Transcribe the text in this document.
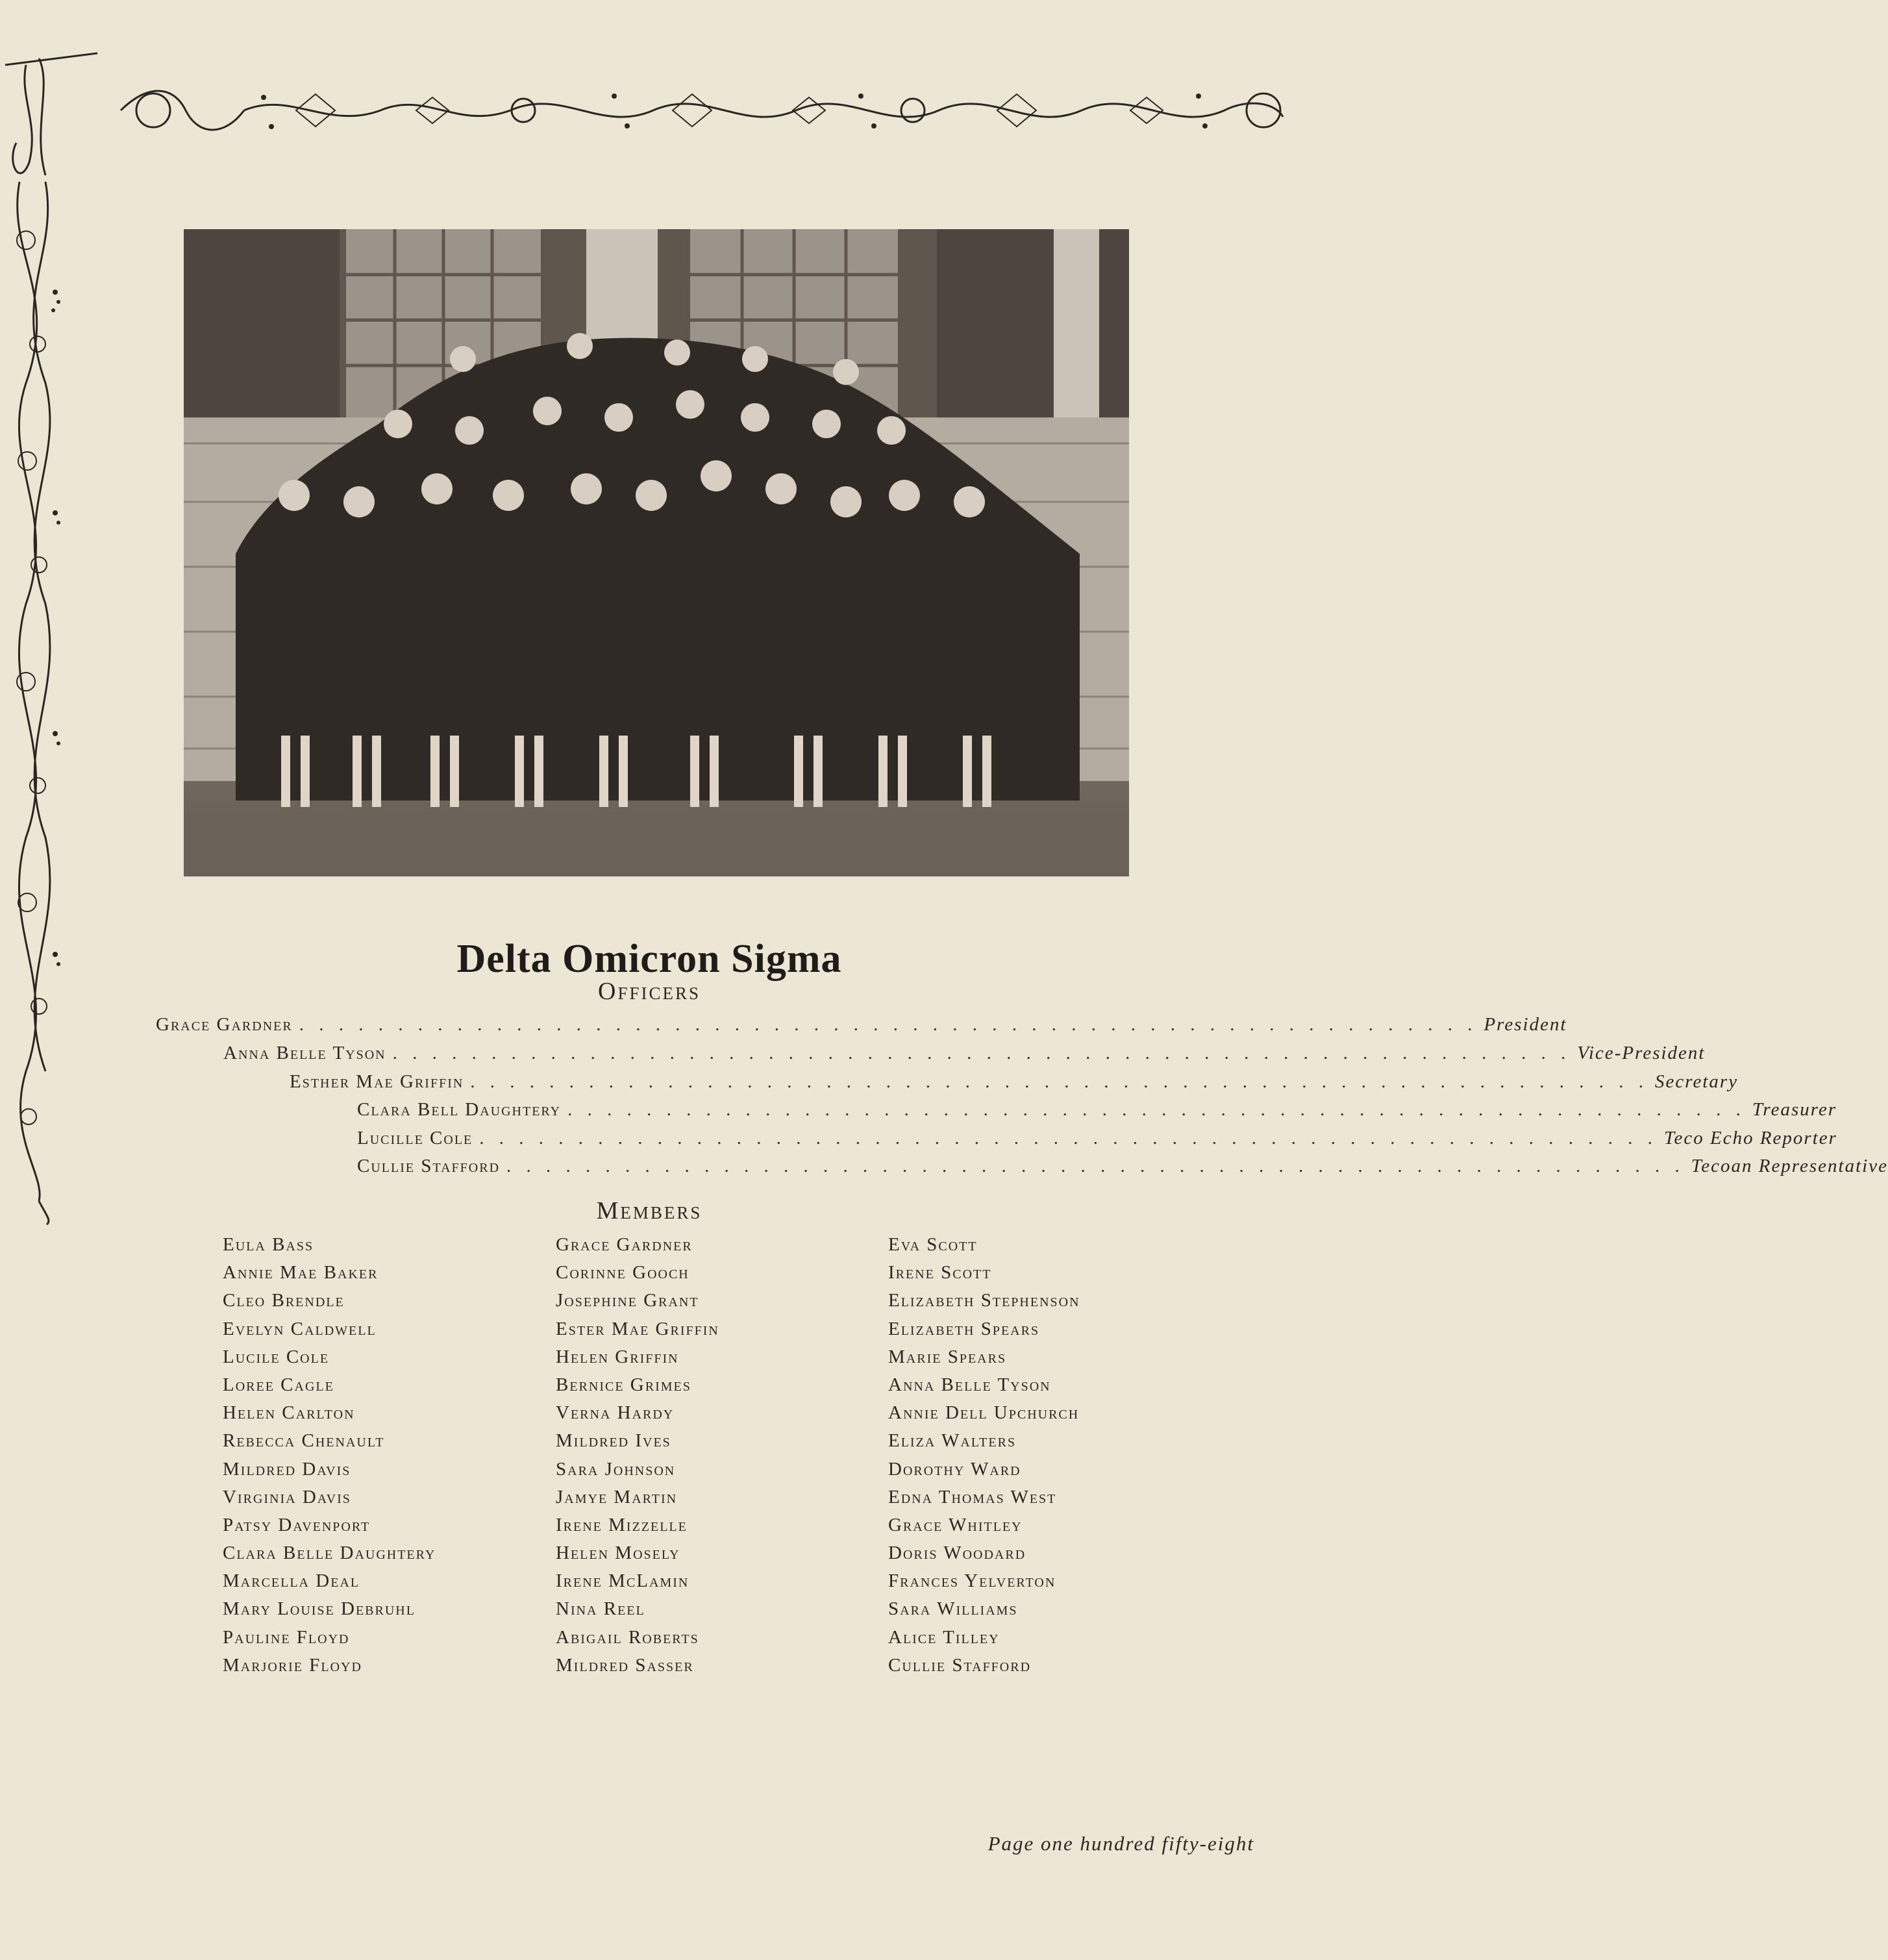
Delta Omicron Sigma
Officers
Grace Gardner . . . . . . . . . . . . . . . . . . . . . . . . . . . . . . . . . . . . . . . . . . . . . . . . . . . . . . . . . . . . President
Anna Belle Tyson . . . . . . . . . . . . . . . . . . . . . . . . . . . . . . . . . . . . . . . . . . . . . . . . . . . . . . . . . . . . Vice-President
Esther Mae Griffin . . . . . . . . . . . . . . . . . . . . . . . . . . . . . . . . . . . . . . . . . . . . . . . . . . . . . . . . . . . . Secretary
Clara Bell Daughtery . . . . . . . . . . . . . . . . . . . . . . . . . . . . . . . . . . . . . . . . . . . . . . . . . . . . . . . . . . . . Treasurer
Lucille Cole . . . . . . . . . . . . . . . . . . . . . . . . . . . . . . . . . . . . . . . . . . . . . . . . . . . . . . . . . . . . Teco Echo Reporter
Cullie Stafford . . . . . . . . . . . . . . . . . . . . . . . . . . . . . . . . . . . . . . . . . . . . . . . . . . . . . . . . . . . . Tecoan Representative
Members
Eula Bass
Annie Mae Baker
Cleo Brendle
Evelyn Caldwell
Lucile Cole
Loree Cagle
Helen Carlton
Rebecca Chenault
Mildred Davis
Virginia Davis
Patsy Davenport
Clara Belle Daughtery
Marcella Deal
Mary Louise Debruhl
Pauline Floyd
Marjorie Floyd
Grace Gardner
Corinne Gooch
Josephine Grant
Ester Mae Griffin
Helen Griffin
Bernice Grimes
Verna Hardy
Mildred Ives
Sara Johnson
Jamye Martin
Irene Mizzelle
Helen Mosely
Irene McLamin
Nina Reel
Abigail Roberts
Mildred Sasser
Eva Scott
Irene Scott
Elizabeth Stephenson
Elizabeth Spears
Marie Spears
Anna Belle Tyson
Annie Dell Upchurch
Eliza Walters
Dorothy Ward
Edna Thomas West
Grace Whitley
Doris Woodard
Frances Yelverton
Sara Williams
Alice Tilley
Cullie Stafford
Page one hundred fifty-eight
